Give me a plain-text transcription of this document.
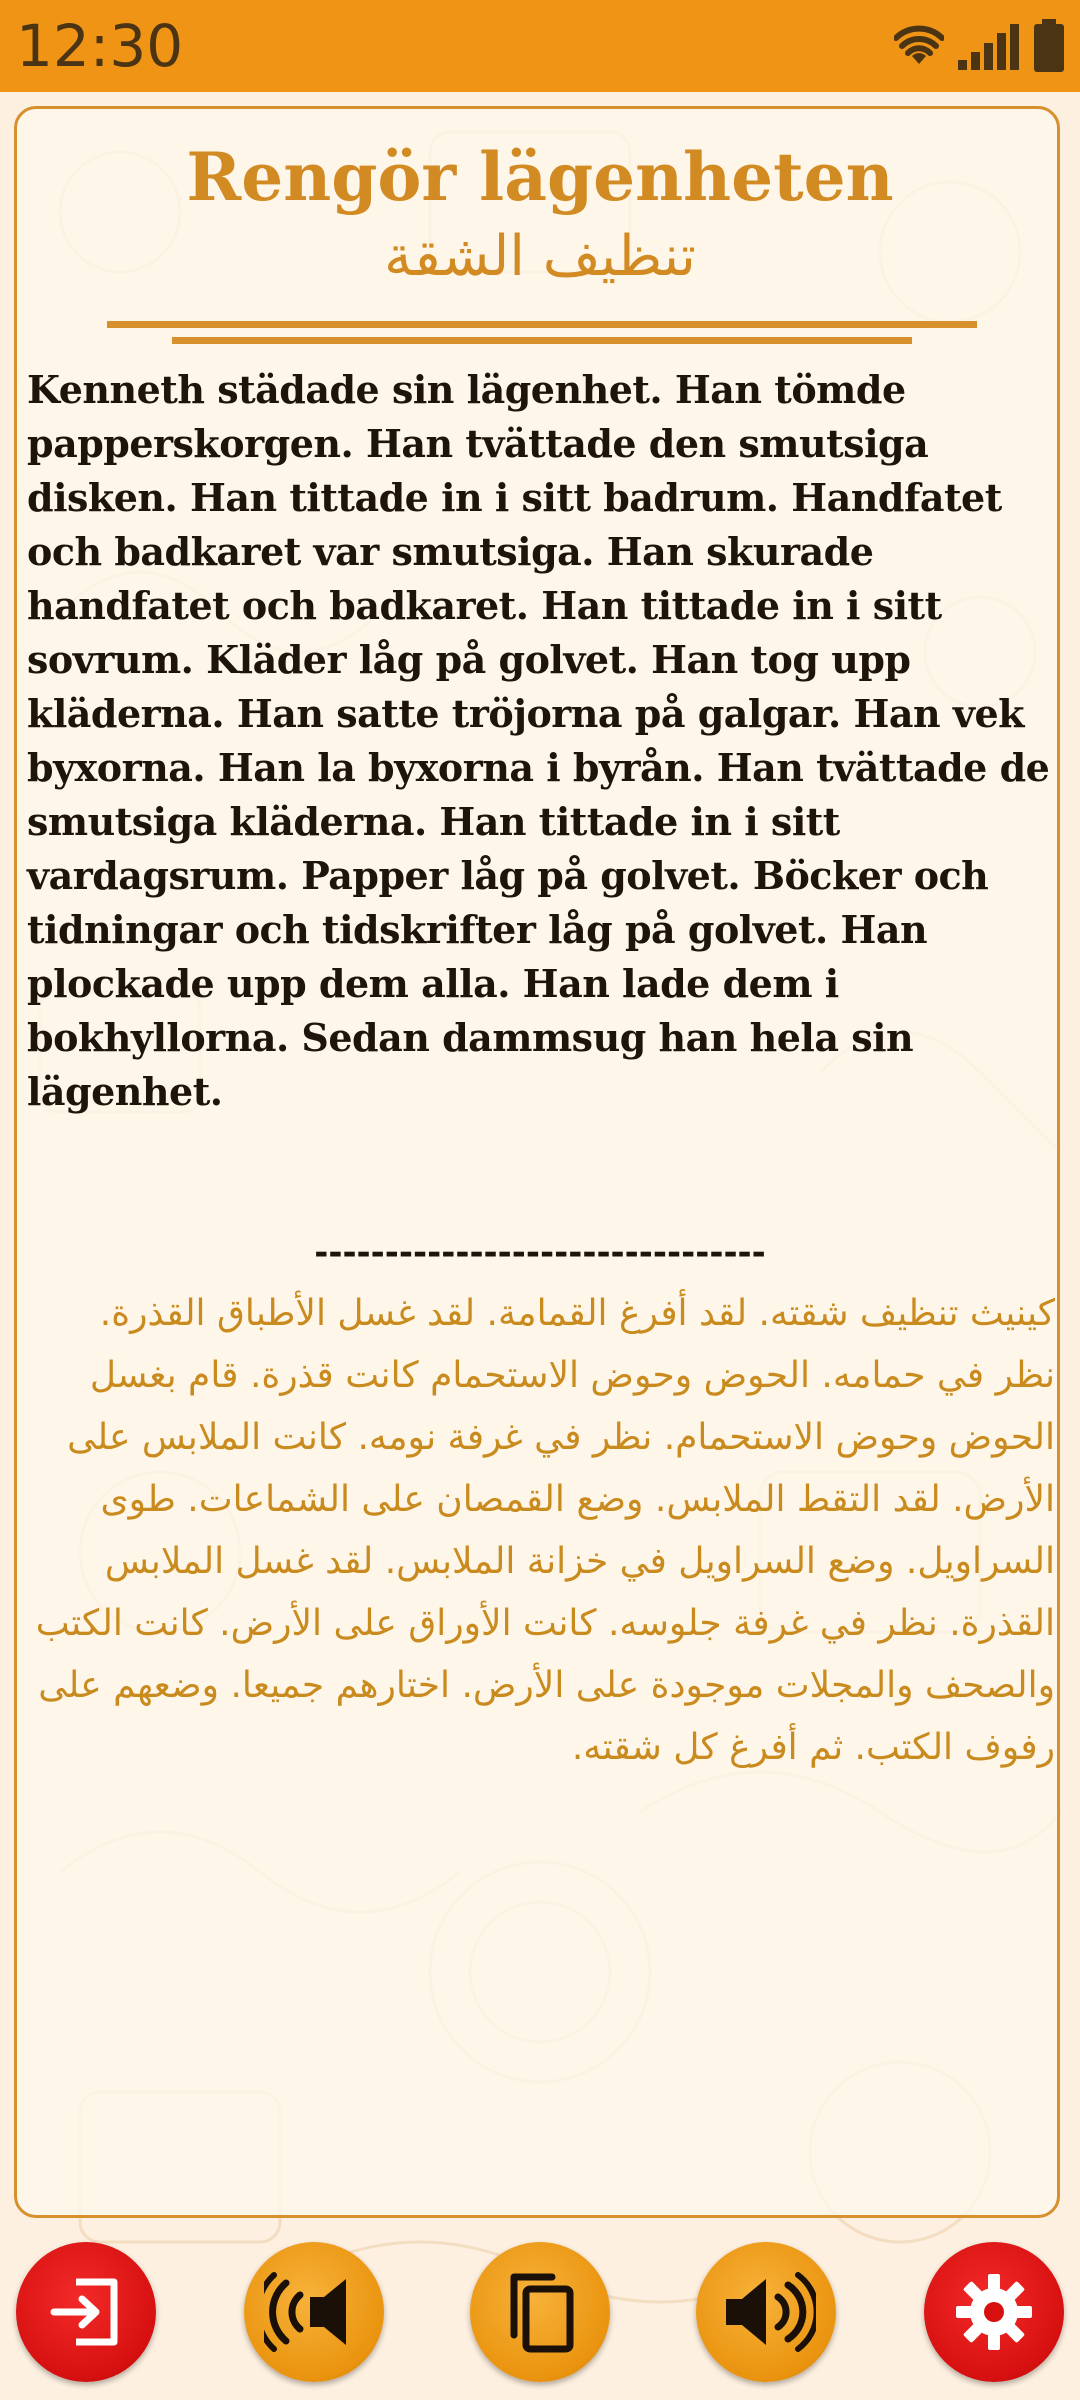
12:30
Rengör lägenheten
تنظيف الشقة

Kenneth städade sin lägenhet. Han tömde papperskorgen. Han tvättade den smutsiga disken. Han tittade in i sitt badrum. Handfatet och badkaret var smutsiga. Han skurade handfatet och badkaret. Han tittade in i sitt sovrum. Kläder låg på golvet. Han tog upp kläderna. Han satte tröjorna på galgar. Han vek byxorna. Han la byxorna i byrån. Han tvättade de smutsiga kläderna. Han tittade in i sitt vardagsrum. Papper låg på golvet. Böcker och tidningar och tidskrifter låg på golvet. Han plockade upp dem alla. Han lade dem i bokhyllorna. Sedan dammsug han hela sin lägenhet.

--------------------------------

كينيث تنظيف شقته. لقد أفرغ القمامة. لقد غسل الأطباق القذرة. نظر في حمامه. الحوض وحوض الاستحمام كانت قذرة. قام بغسل الحوض وحوض الاستحمام. نظر في غرفة نومه. كانت الملابس على الأرض. لقد التقط الملابس. وضع القمصان على الشماعات. طوى السراويل. وضع السراويل في خزانة الملابس. لقد غسل الملابس القذرة. نظر في غرفة جلوسه. كانت الأوراق على الأرض. كانت الكتب والصحف والمجلات موجودة على الأرض. اختارهم جميعا. وضعهم على رفوف الكتب. ثم أفرغ كل شقته.
